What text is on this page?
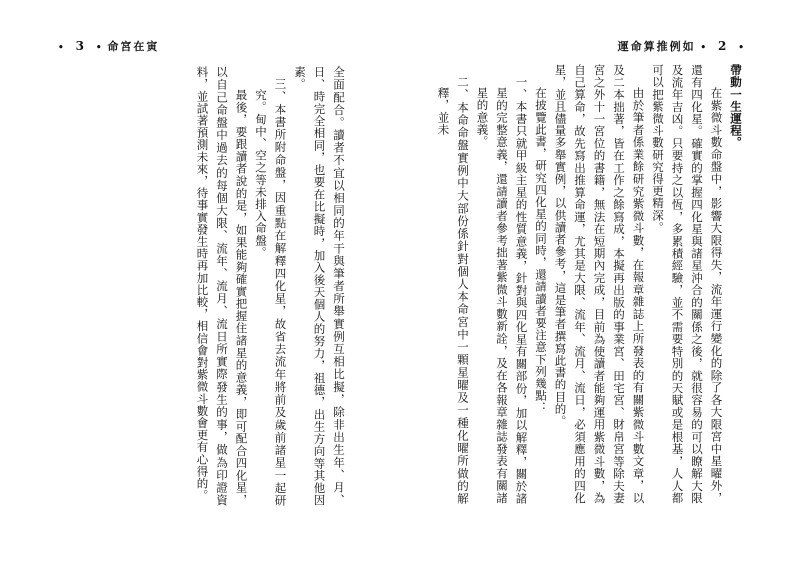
• 3 • 命宮在寅

全面配合。讀者不宜以相同的年干與筆者所舉實例互相比擬，除非出生年、月、日、時完全相同，也要在比擬時，加入後天個人的努力，祖德，出生方向等其他因素。

三、本書所附命盤，因重點在解釋四化星，故省去流年將前及歲前諸星一起研究。甸中、空之等未排入命盤。

最後，要跟讀者說的是，如果能夠確實把握住諸星的意義，即可配合四化星，以自己命盤中過去的每個大限、流年、流月、流日所實際發生的事，做為印證資料，並試著預測未來，待事實發生時再加比較，相信會對紫微斗數會更有心得的。

運命算推例如 • 2 •

帶動一生運程。

在紫微斗數命盤中，影響大限得失，流年運行變化的除了各大限宮中星曜外，還有四化星。確實的掌握四化星與諸星沖合的關係之後，就很容易的可以瞭解大限及流年吉凶。只要持之以恆，多累積經驗，並不需要特別的天賦或是根基，人人都可以把紫微斗數研究得更精深。

由於筆者係業餘研究紫微斗數，在報章雜誌上所發表的有關紫微斗數文章，以及二本拙著，皆在工作之餘寫成，本擬再出版的事業宮、田宅宮、財帛宮等除夫妻宮之外十一宮位的書籍，無法在短期內完成，目前為使讀者能夠運用紫微斗數，為自己算命，故先寫出推算命運，尤其是大限、流年、流月、流日，必須應用的四化星，並且儘量多舉實例，以供讀者參考，這是筆者撰寫此書的目的。

在披覽此書，研究四化星的同時，還請讀者要注意下列幾點：

一、本書只就甲級主星的性質意義，針對與四化星有關部份，加以解釋，關於諸星的完整意義，還請讀者參考拙著紫微斗數新詮，及在各報章雜誌發表有關諸星的意義。

二、本命命盤實例中大部份係針對個人本命宮中一顆星曜及一種化曜所做的解釋，並未
